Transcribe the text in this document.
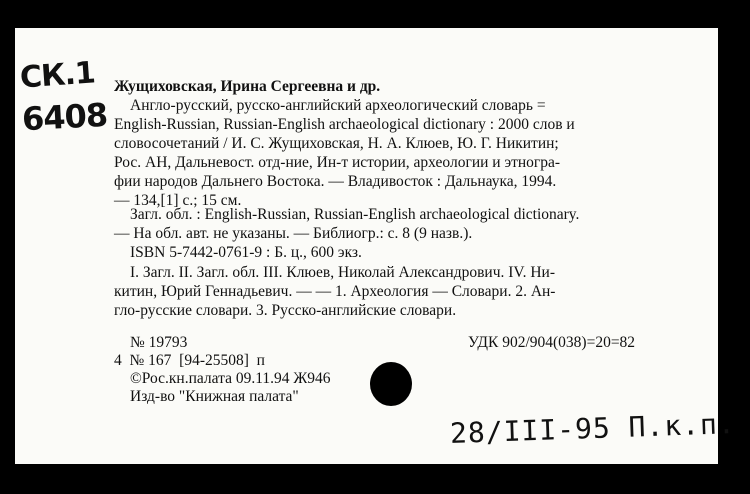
СК.1
6408
Жущиховская, Ирина Сергеевна и др.
Англо-русский, русско-английский археологический словарь =
English-Russian, Russian-English archaeological dictionary : 2000 слов и
словосочетаний / И. С. Жущиховская, Н. А. Клюев, Ю. Г. Никитин;
Рос. АН, Дальневост. отд-ние, Ин-т истории, археологии и этногра-
фии народов Дальнего Востока. — Владивосток : Дальнаука, 1994.
— 134,[1] с.; 15 см.
Загл. обл. : English-Russian, Russian-English archaeological dictionary.
— На обл. авт. не указаны. — Библиогр.: с. 8 (9 назв.).
ISBN 5-7442-0761-9 : Б. ц., 600 экз.
I. Загл. II. Загл. обл. III. Клюев, Николай Александрович. IV. Ни-
китин, Юрий Геннадьевич. — — 1. Археология — Словари. 2. Ан-
гло-русские словари. 3. Русско-английские словари.
№ 19793	УДК 902/904(038)=20=82
4  № 167  [94-25508]  п
©Рос.кн.палата 09.11.94 Ж946
Изд-во "Книжная палата"
28/III-95 П.к.п.
